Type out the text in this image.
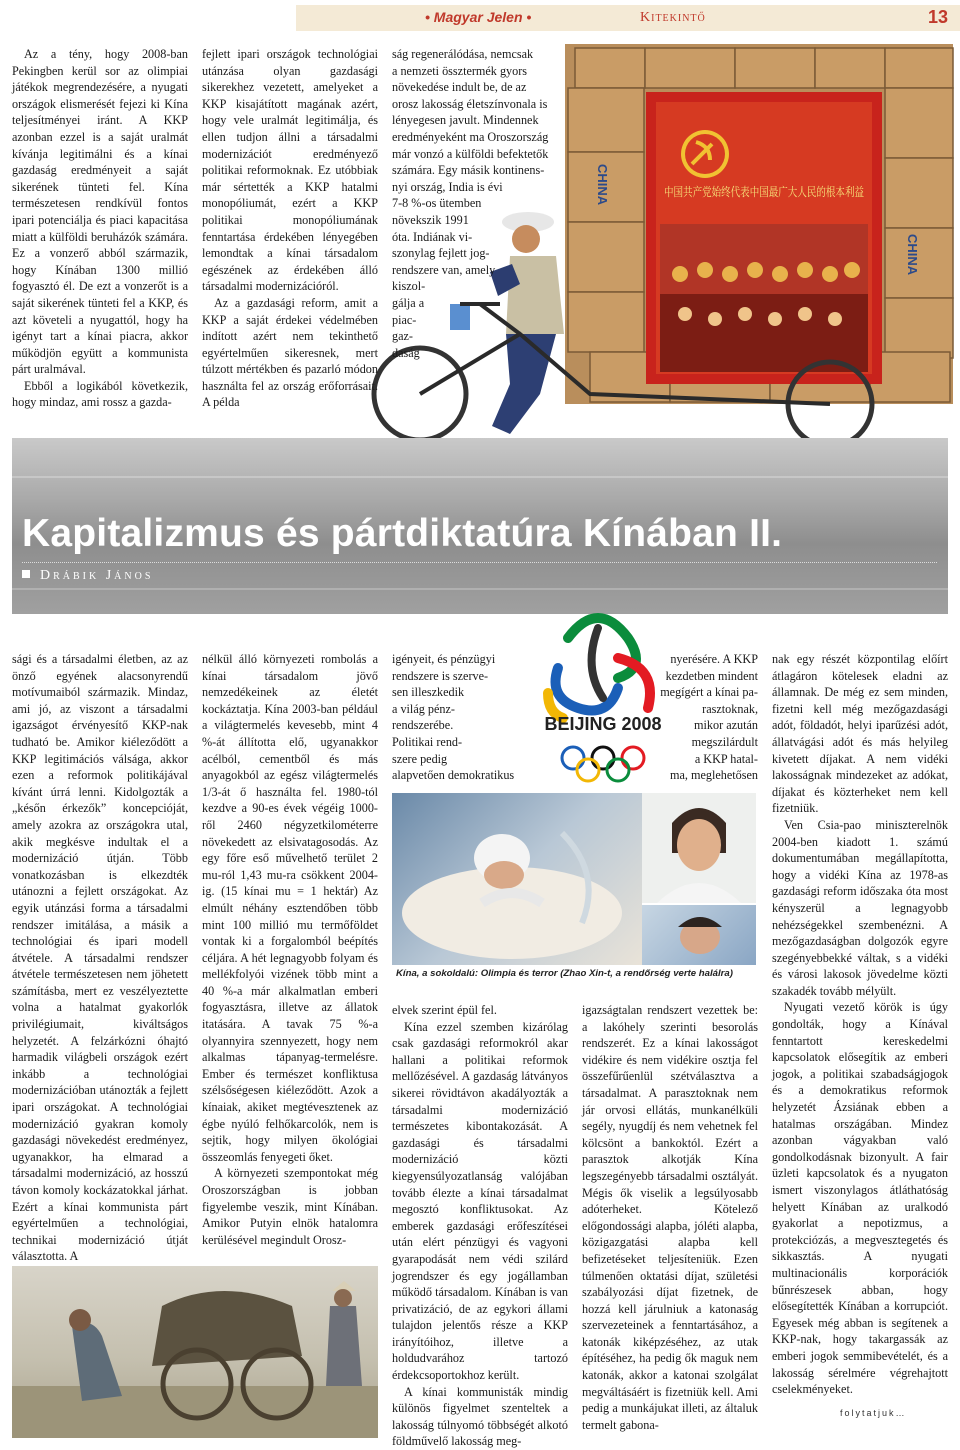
• Magyar Jelen •	Kitekintő	13
CHINA
CHINA
中国共产党始终代表中国最广大人民的根本利益

Az a tény, hogy 2008-ban Pekingben kerül sor az olimpiai játékok megrendezésére, a nyugati országok elismerését fejezi ki Kína teljesítményei iránt. A KKP azonban ezzel is a saját uralmát kívánja legitimálni és a kínai gazdaság eredményeit a saját sikerének tünteti fel. Kína természetesen rendkívül fontos ipari potenciálja és piaci kapacitása miatt a külföldi beruházók számára. Ez a vonzerő abból származik, hogy Kínában 1300 millió fogyasztó él. De ezt a vonzerőt is a saját sikerének tünteti fel a KKP, és azt követeli a nyugattól, hogy ha igényt tart a kínai piacra, akkor működjön együtt a kommunista párt uralmával.

Ebből a logikából következik, hogy mindaz, ami rossz a gazda-

fejlett ipari országok technológiai utánzása olyan gazdasági sikerekhez vezetett, amelyeket a KKP kisajátított magának azért, hogy vele uralmát legitimálja, és ellen tudjon állni a társadalmi modernizációt eredményező politikai reformoknak. Ez utóbbiak már sértették a KKP hatalmi monopóliumát, ezért a KKP politikai monopóliumának fenntartása érdekében lényegében lemondtak a kínai társadalom egészének az érdekében álló társadalmi modernizációról.

Az a gazdasági reform, amit a KKP a saját érdekei védelmében indított azért nem tekinthető egyértelműen sikeresnek, mert túlzott mértékben és pazarló módon használta fel az ország erőforrásait. A példa

ság regenerálódása, nemcsak
a nemzeti össztermék gyors
növekedése indult be, de az
orosz lakosság életszínvonala is
lényegesen javult. Mindennek
eredményeként ma Oroszország
már vonzó a külföldi befektetők
számára. Egy másik kontinens-
nyi ország, India is évi
7-8 %-os ütemben
növekszik 1991
óta. Indiának vi-
szonylag fejlett jog-
rendszere van, amely
kiszol-
gálja a
piac-
gaz-
daság
Kapitalizmus és pártdiktatúra Kínában II.
Drábik János
BEIJING 2008
Kína, a sokoldalú: Olimpia és terror (Zhao Xin-t, a rendőrség verte halálra)

sági és a társadalmi életben, az az önző egyének alacsonyrendű motívumaiból származik. Mindaz, ami jó, az viszont a társadalmi igazságot érvényesítő KKP-nak tudható be. Amikor kiéleződött a KKP legitimációs válsága, akkor ezen a reformok politikájával kívánt úrrá lenni. Kidolgozták a „későn érkezők” koncepcióját, amely azokra az országokra utal, akik megkésve indultak el a modernizáció útján. Több vonatkozásban is elkezdték utánozni a fejlett országokat. Az egyik utánzási forma a társadalmi rendszer imitálása, a másik a technológiai és ipari modell átvétele. A társadalmi rendszer átvétele természetesen nem jöhetett számításba, mert ez veszélyeztette volna a hatalmat gyakorlók privilégiumait, kiváltságos helyzetét. A felzárkózni óhajtó harmadik világbeli országok ezért inkább a technológiai modernizációban utánozták a fejlett ipari országokat. A technológiai modernizáció gyakran komoly gazdasági növekedést eredményez, ugyanakkor, ha elmarad a társadalmi modernizáció, az hosszú távon komoly kockázatokkal járhat. Ezért a kínai kommunista párt egyértelműen a technológiai, technikai modernizáció útját választotta. A

nélkül álló környezeti rombolás a kínai társadalom jövő nemzedékeinek az életét kockáztatja. Kína 2003-ban például a világtermelés kevesebb, mint 4 %-át állította elő, ugyanakkor acélból, cementből és más anyagokból az egész világtermelés 1/3-át ő használta fel. 1980-tól kezdve a 90-es évek végéig 1000-ről 2460 négyzetkilométerre növekedett az elsivatagosodás. Az egy főre eső művelhető terület 2 mu-ról 1,43 mu-ra csökkent 2004-ig. (15 kínai mu = 1 hektár) Az elmúlt néhány esztendőben több mint 100 millió mu termőföldet vontak ki a forgalomból beépítés céljára. A hét legnagyobb folyam és mellékfolyói vizének több mint a 40 %-a már alkalmatlan emberi fogyasztásra, illetve az állatok itatására. A tavak 75 %-a olyannyira szennyezett, hogy nem alkalmas tápanyag-termelésre. Ember és természet konfliktusa szélsőségesen kiéleződött. Azok a kínaiak, akiket megtévesztenek az égbe nyúló felhőkarcolók, nem is sejtik, hogy milyen ökológiai összeomlás fenyegeti őket.

A környezeti szempontokat még Oroszországban is jobban figyelembe veszik, mint Kínában. Amikor Putyin elnök hatalomra kerülésével megindult Orosz-

igényeit, és pénzügyi
rendszere is szerve-
sen illeszkedik
a világ pénz-
rendszerébe.
Politikai rend-
szere pedig
alapvetően demokratikus
nyerésére. A KKP
kezdetben mindent
megígért a kínai pa-
rasztoknak,
mikor azután
megszilárdult
a KKP hatal-
ma, meglehetősen

elvek szerint épül fel.

Kína ezzel szemben kizárólag csak gazdasági reformokról akar hallani a politikai reformok mellőzésével. A gazdaság látványos sikerei rövidtávon akadályozták a társadalmi modernizáció természetes kibontakozását. A gazdasági és társadalmi modernizáció közti kiegyensúlyozatlanság valójában tovább élezte a kínai társadalmat megosztó konfliktusokat. Az emberek gazdasági erőfeszítései után elért pénzügyi és vagyoni gyarapodását nem védi szilárd jogrendszer és egy jogállamban működő társadalom. Kínában is van privatizáció, de az egykori állami tulajdon jelentős része a KKP irányítóihoz, illetve a holdudvarához tartozó érdekcsoportokhoz került.

A kínai kommunisták mindig különös figyelmet szenteltek a lakosság túlnyomó többségét alkotó földművelő lakosság meg-

igazságtalan rendszert vezettek be: a lakóhely szerinti besorolás rendszerét. Ez a kínai lakosságot vidékire és nem vidékire osztja fel összefűrűenlül szétválasztva a társadalmat. A parasztoknak nem jár orvosi ellátás, munkanélküli segély, nyugdíj és nem vehetnek fel kölcsönt a bankoktól. Ezért a parasztok alkotják Kína legszegényebb társadalmi osztályát. Mégis ők viselik a legsúlyosabb adóterheket. Kötelező előgondossági alapba, jóléti alapba, közigazgatási alapba kell befizetéseket teljesíteniük. Ezen túlmenően oktatási díjat, születési szabályozási díjat fizetnek, de hozzá kell járulniuk a katonaság szervezeteinek a fenntartásához, a katonák kiképzéséhez, az utak építéséhez, ha pedig ők maguk nem katonák, akkor a katonai szolgálat megváltásáért is fizetniük kell. Ami pedig a munkájukat illeti, az általuk termelt gabona-

nak egy részét központilag előírt átlagáron kötelesek eladni az államnak. De még ez sem minden, fizetni kell még mezőgazdasági adót, földadót, helyi iparűzési adót, állatvágási adót és más helyileg kivetett díjakat. A nem vidéki lakosságnak mindezeket az adókat, díjakat és közterheket nem kell fizetniük.

Ven Csia-pao miniszterelnök 2004-ben kiadott 1. számú dokumentumában megállapította, hogy a vidéki Kína az 1978-as gazdasági reform időszaka óta most kényszerül a legnagyobb nehézségekkel szembenézni. A mezőgazdaságban dolgozók egyre szegényebbekké váltak, s a vidéki és városi lakosok jövedelme közti szakadék tovább mélyült.

Nyugati vezető körök is úgy gondolták, hogy a Kínával fenntartott kereskedelmi kapcsolatok elősegítik az emberi jogok, a politikai szabadságjogok és a demokratikus reformok helyzetét Ázsiának ebben a hatalmas országában. Mindez azonban vágyakban való gondolkodásnak bizonyult. A fair üzleti kapcsolatok és a nyugaton ismert viszonylagos átláthatóság helyett Kínában az uralkodó gyakorlat a nepotizmus, a protekciózás, a megvesztegetés és sikkasztás. A nyugati multinacionális korporációk bűnrészesek abban, hogy elősegítették Kínában a korrupciót. Egyesek még abban is segítenek a KKP-nak, hogy takargassák az emberi jogok semmibevételét, és a lakosság sérelmére végrehajtott cselekményeket.

folytatjuk…
